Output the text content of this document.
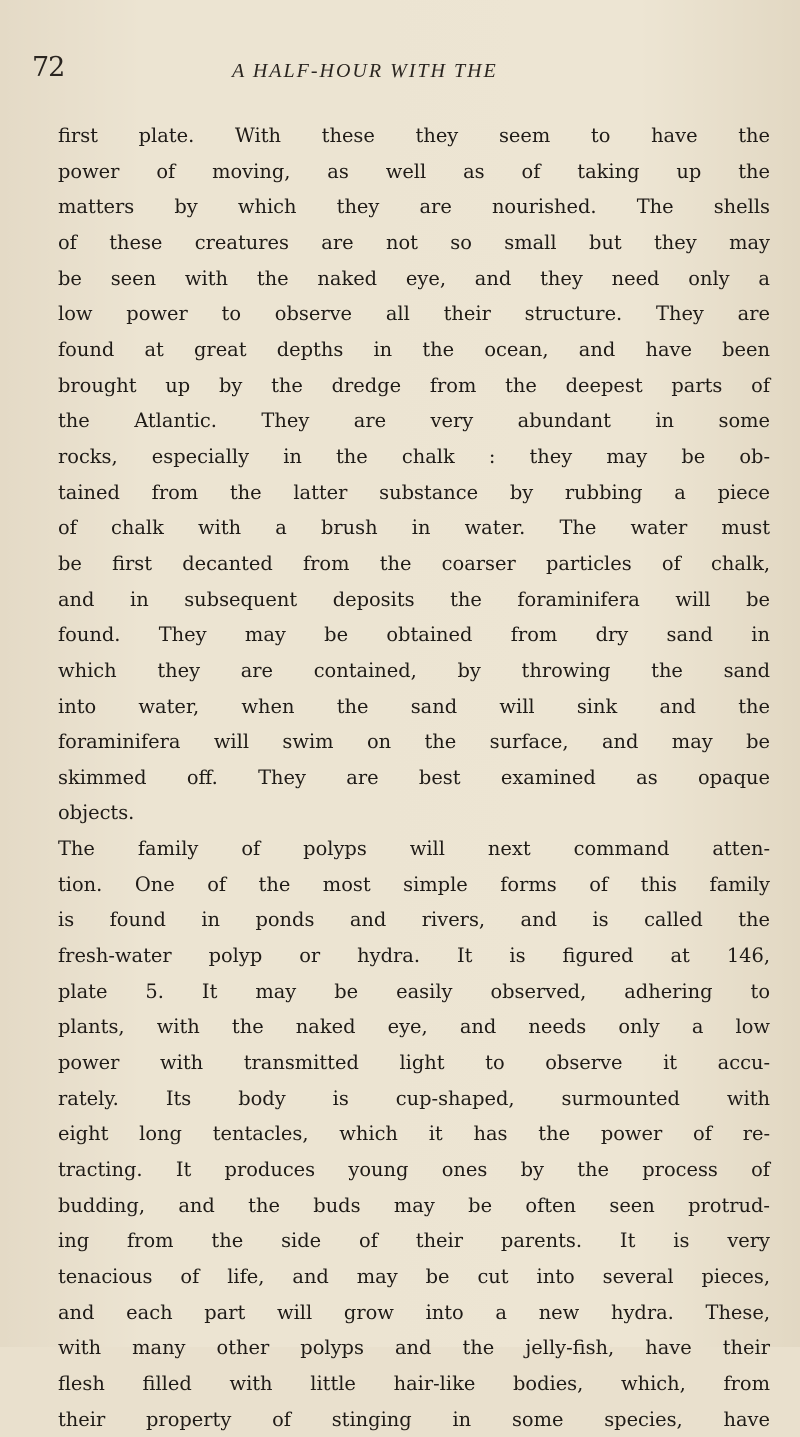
72	A HALF-HOUR WITH THE
first plate. With these they seem to have the
power of moving, as well as of taking up the
matters by which they are nourished. The shells
of these creatures are not so small but they may
be seen with the naked eye, and they need only a
low power to observe all their structure. They are
found at great depths in the ocean, and have been
brought up by the dredge from the deepest parts of
the Atlantic. They are very abundant in some
rocks, especially in the chalk : they may be ob-
tained from the latter substance by rubbing a piece
of chalk with a brush in water. The water must
be first decanted from the coarser particles of chalk,
and in subsequent deposits the foraminifera will be
found. They may be obtained from dry sand in
which they are contained, by throwing the sand
into water, when the sand will sink and the
foraminifera will swim on the surface, and may be
skimmed off. They are best examined as opaque
objects.
The family of polyps will next command atten-
tion. One of the most simple forms of this family
is found in ponds and rivers, and is called the
fresh-water polyp or hydra. It is figured at 146,
plate 5. It may be easily observed, adhering to
plants, with the naked eye, and needs only a low
power with transmitted light to observe it accu-
rately. Its body is cup-shaped, surmounted with
eight long tentacles, which it has the power of re-
tracting. It produces young ones by the process of
budding, and the buds may be often seen protrud-
ing from the side of their parents. It is very
tenacious of life, and may be cut into several pieces,
and each part will grow into a new hydra. These,
with many other polyps and the jelly-fish, have their
flesh filled with little hair-like bodies, which, from
their property of stinging in some species, have
